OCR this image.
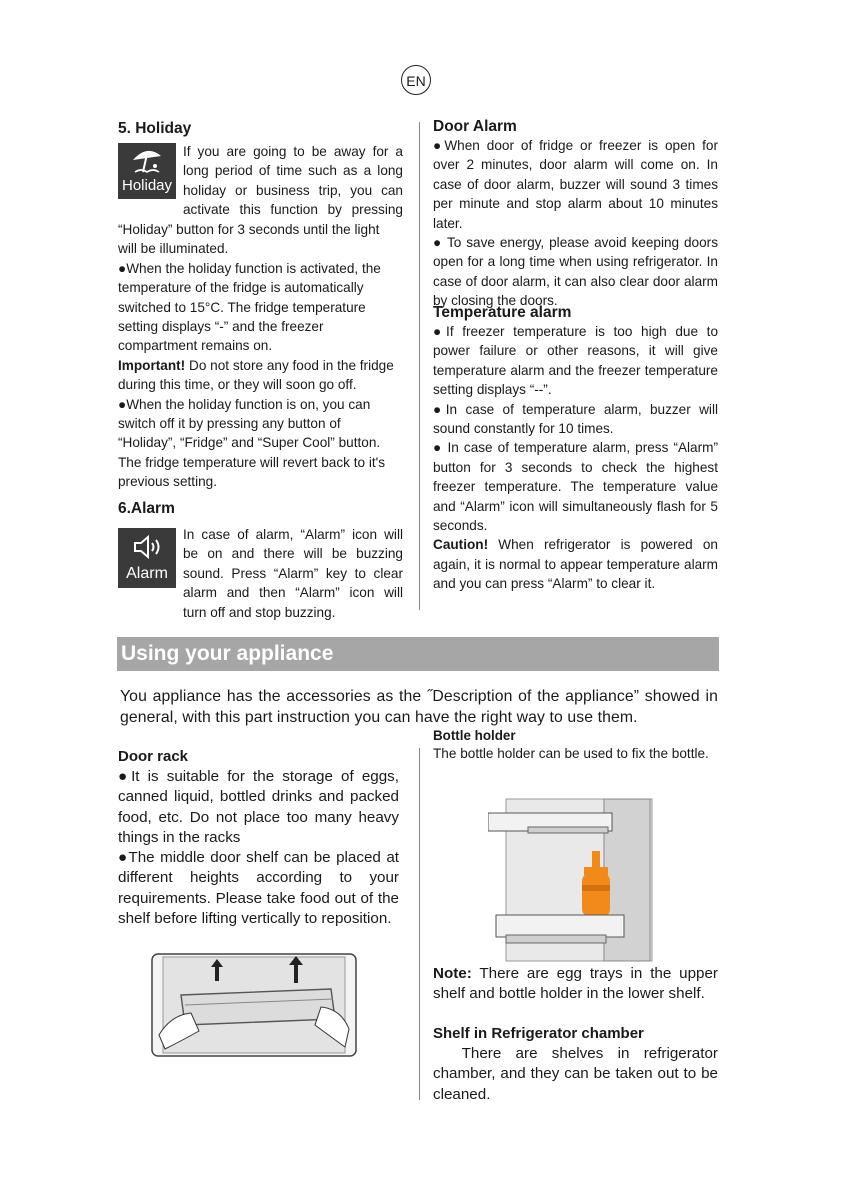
EN
5. Holiday
Holiday
If you are going to be away for a
long period of time such as a long
holiday or business trip, you can
activate this function by pressing

“Holiday” button for 3 seconds until the light will be illuminated.

●When the holiday function is activated, the temperature of the fridge is automatically switched to 15°C. The fridge temperature setting displays “-” and the freezer compartment remains on.

Important! Do not store any food in the fridge during this time, or they will soon go off.

●When the holiday function is on, you can switch off it by pressing any button of “Holiday”, “Fridge” and “Super Cool” button. The fridge temperature will revert back to it's previous setting.

6.Alarm
Alarm
In case of alarm, “Alarm” icon will
be on and there will be buzzing
sound. Press “Alarm” key to clear
alarm and then “Alarm” icon will
turn off and stop buzzing.
Door Alarm

●When door of fridge or freezer is open for over 2 minutes, door alarm will come on. In case of door alarm, buzzer will sound 3 times per minute and stop alarm about 10 minutes later.

● To save energy, please avoid keeping doors open for a long time when using refrigerator. In case of door alarm, it can also clear door alarm by closing the doors.

Temperature alarm

●If freezer temperature is too high due to power failure or other reasons, it will give temperature alarm and the freezer temperature setting displays “--”.

●In case of temperature alarm, buzzer will sound constantly for 10 times.

● In case of temperature alarm, press “Alarm” button for 3 seconds to check the highest freezer temperature. The temperature value and “Alarm” icon will simultaneously flash for 5 seconds.

Caution! When refrigerator is powered on again, it is normal to appear temperature alarm and you can press “Alarm” to clear it.

Using your appliance
You appliance has the accessories as the ˝Description of the appliance” showed in general, with this part instruction you can have the right way to use them.
Door rack

●It is suitable for the storage of eggs, canned liquid, bottled drinks and packed food, etc. Do not place too many heavy things in the racks

●The middle door shelf can be placed at different heights according to your requirements. Please take food out of the shelf before lifting vertically to reposition.

Bottle holder
The bottle holder can be used to fix the bottle.
Note: There are egg trays in the upper shelf and bottle holder in the lower shelf.
Shelf in Refrigerator chamber
There are shelves in refrigerator chamber, and they can be taken out to be cleaned.
